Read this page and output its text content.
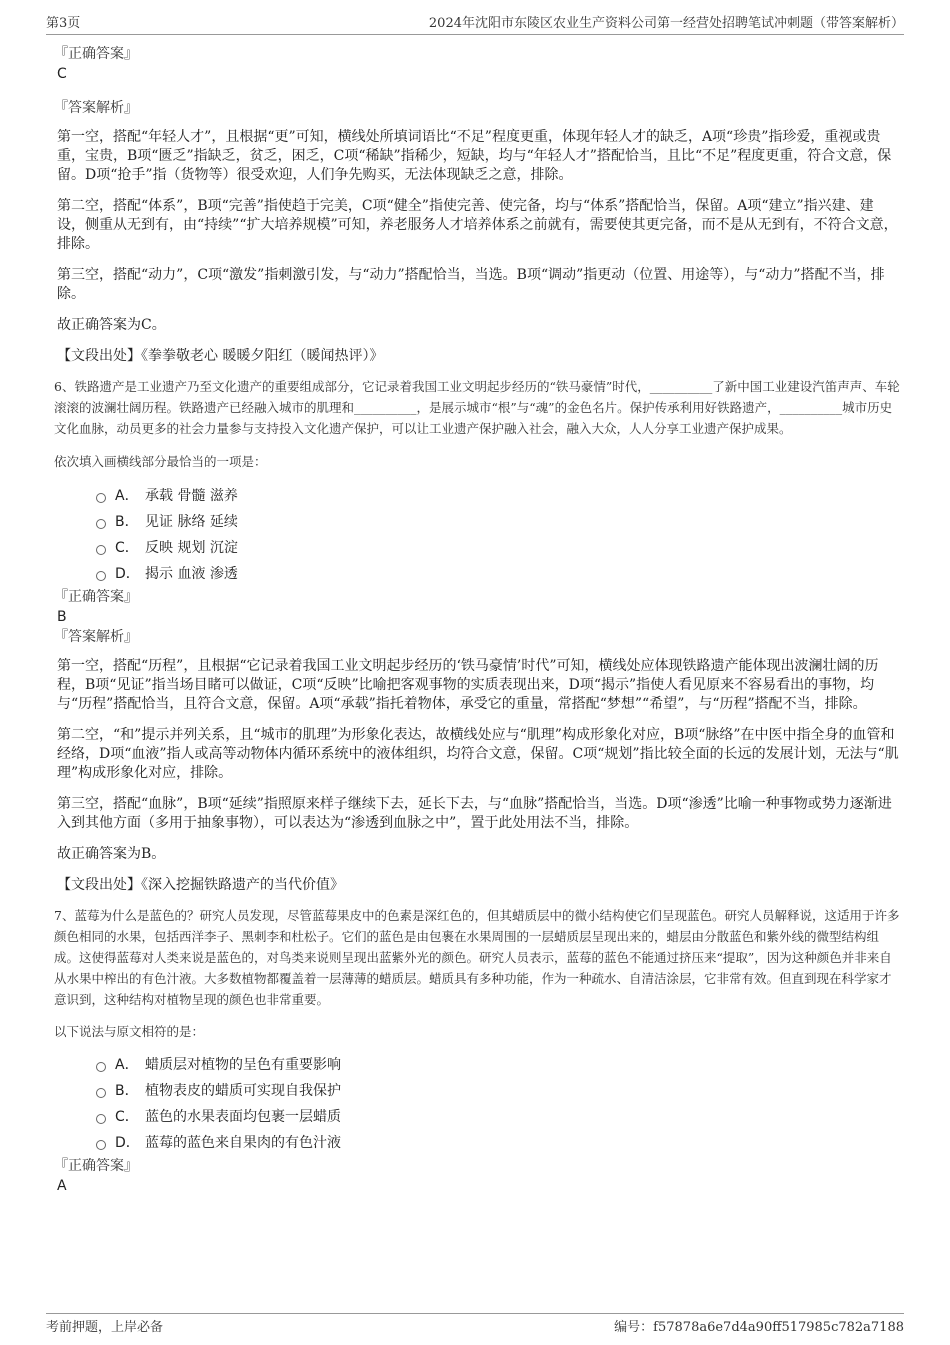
第3页	2024年沈阳市东陵区农业生产资料公司第一经营处招聘笔试冲刺题（带答案解析）
『正确答案』
C
『答案解析』

第一空，搭配“年轻人才”，且根据“更”可知，横线处所填词语比“不足”程度更重，体现年轻人才的缺乏，A项“珍贵”指珍爱，重视或贵重，宝贵，B项“匮乏”指缺乏，贫乏，困乏，C项“稀缺”指稀少，短缺，均与“年轻人才”搭配恰当，且比“不足”程度更重，符合文意，保留。D项“抢手”指（货物等）很受欢迎，人们争先购买，无法体现缺乏之意，排除。

第二空，搭配“体系”，B项“完善”指使趋于完美，C项“健全”指使完善、使完备，均与“体系”搭配恰当，保留。A项“建立”指兴建、建设，侧重从无到有，由“持续”“扩大培养规模”可知，养老服务人才培养体系之前就有，需要使其更完备，而不是从无到有，不符合文意，排除。

第三空，搭配“动力”，C项“激发”指刺激引发，与“动力”搭配恰当，当选。B项“调动”指更动（位置、用途等），与“动力”搭配不当，排除。

故正确答案为C。

【文段出处】《拳拳敬老心 暖暖夕阳红（暖闻热评）》

6、铁路遗产是工业遗产乃至文化遗产的重要组成部分，它记录着我国工业文明起步经历的“铁马豪情”时代，__________了新中国工业建设汽笛声声、车轮滚滚的波澜壮阔历程。铁路遗产已经融入城市的肌理和__________，是展示城市“根”与“魂”的金色名片。保护传承利用好铁路遗产，__________城市历史文化血脉，动员更多的社会力量参与支持投入文化遗产保护，可以让工业遗产保护融入社会，融入大众，人人分享工业遗产保护成果。

依次填入画横线部分最恰当的一项是：

A． 承载 骨髓 滋养
B． 见证 脉络 延续
C． 反映 规划 沉淀
D． 揭示 血液 渗透
『正确答案』
B
『答案解析』

第一空，搭配“历程”，且根据“它记录着我国工业文明起步经历的‘铁马豪情’时代”可知，横线处应体现铁路遗产能体现出波澜壮阔的历程，B项“见证”指当场目睹可以做证，C项“反映”比喻把客观事物的实质表现出来，D项“揭示”指使人看见原来不容易看出的事物，均与“历程”搭配恰当，且符合文意，保留。A项“承载”指托着物体，承受它的重量，常搭配“梦想”“希望”，与“历程”搭配不当，排除。

第二空，“和”提示并列关系，且“城市的肌理”为形象化表达，故横线处应与“肌理”构成形象化对应，B项“脉络”在中医中指全身的血管和经络，D项“血液”指人或高等动物体内循环系统中的液体组织，均符合文意，保留。C项“规划”指比较全面的长远的发展计划，无法与“肌理”构成形象化对应，排除。

第三空，搭配“血脉”，B项“延续”指照原来样子继续下去，延长下去，与“血脉”搭配恰当，当选。D项“渗透”比喻一种事物或势力逐渐进入到其他方面（多用于抽象事物），可以表达为“渗透到血脉之中”，置于此处用法不当，排除。

故正确答案为B。

【文段出处】《深入挖掘铁路遗产的当代价值》

7、蓝莓为什么是蓝色的？研究人员发现，尽管蓝莓果皮中的色素是深红色的，但其蜡质层中的微小结构使它们呈现蓝色。研究人员解释说，这适用于许多颜色相同的水果，包括西洋李子、黑刺李和杜松子。它们的蓝色是由包裹在水果周围的一层蜡质层呈现出来的，蜡层由分散蓝色和紫外线的微型结构组成。这使得蓝莓对人类来说是蓝色的，对鸟类来说则呈现出蓝紫外光的颜色。研究人员表示，蓝莓的蓝色不能通过挤压来“提取”，因为这种颜色并非来自从水果中榨出的有色汁液。大多数植物都覆盖着一层薄薄的蜡质层。蜡质具有多种功能，作为一种疏水、自清洁涂层，它非常有效。但直到现在科学家才意识到，这种结构对植物呈现的颜色也非常重要。

以下说法与原文相符的是：

A． 蜡质层对植物的呈色有重要影响
B． 植物表皮的蜡质可实现自我保护
C． 蓝色的水果表面均包裹一层蜡质
D． 蓝莓的蓝色来自果肉的有色汁液
『正确答案』
A
考前押题，上岸必备	编号：f57878a6e7d4a90ff517985c782a7188
